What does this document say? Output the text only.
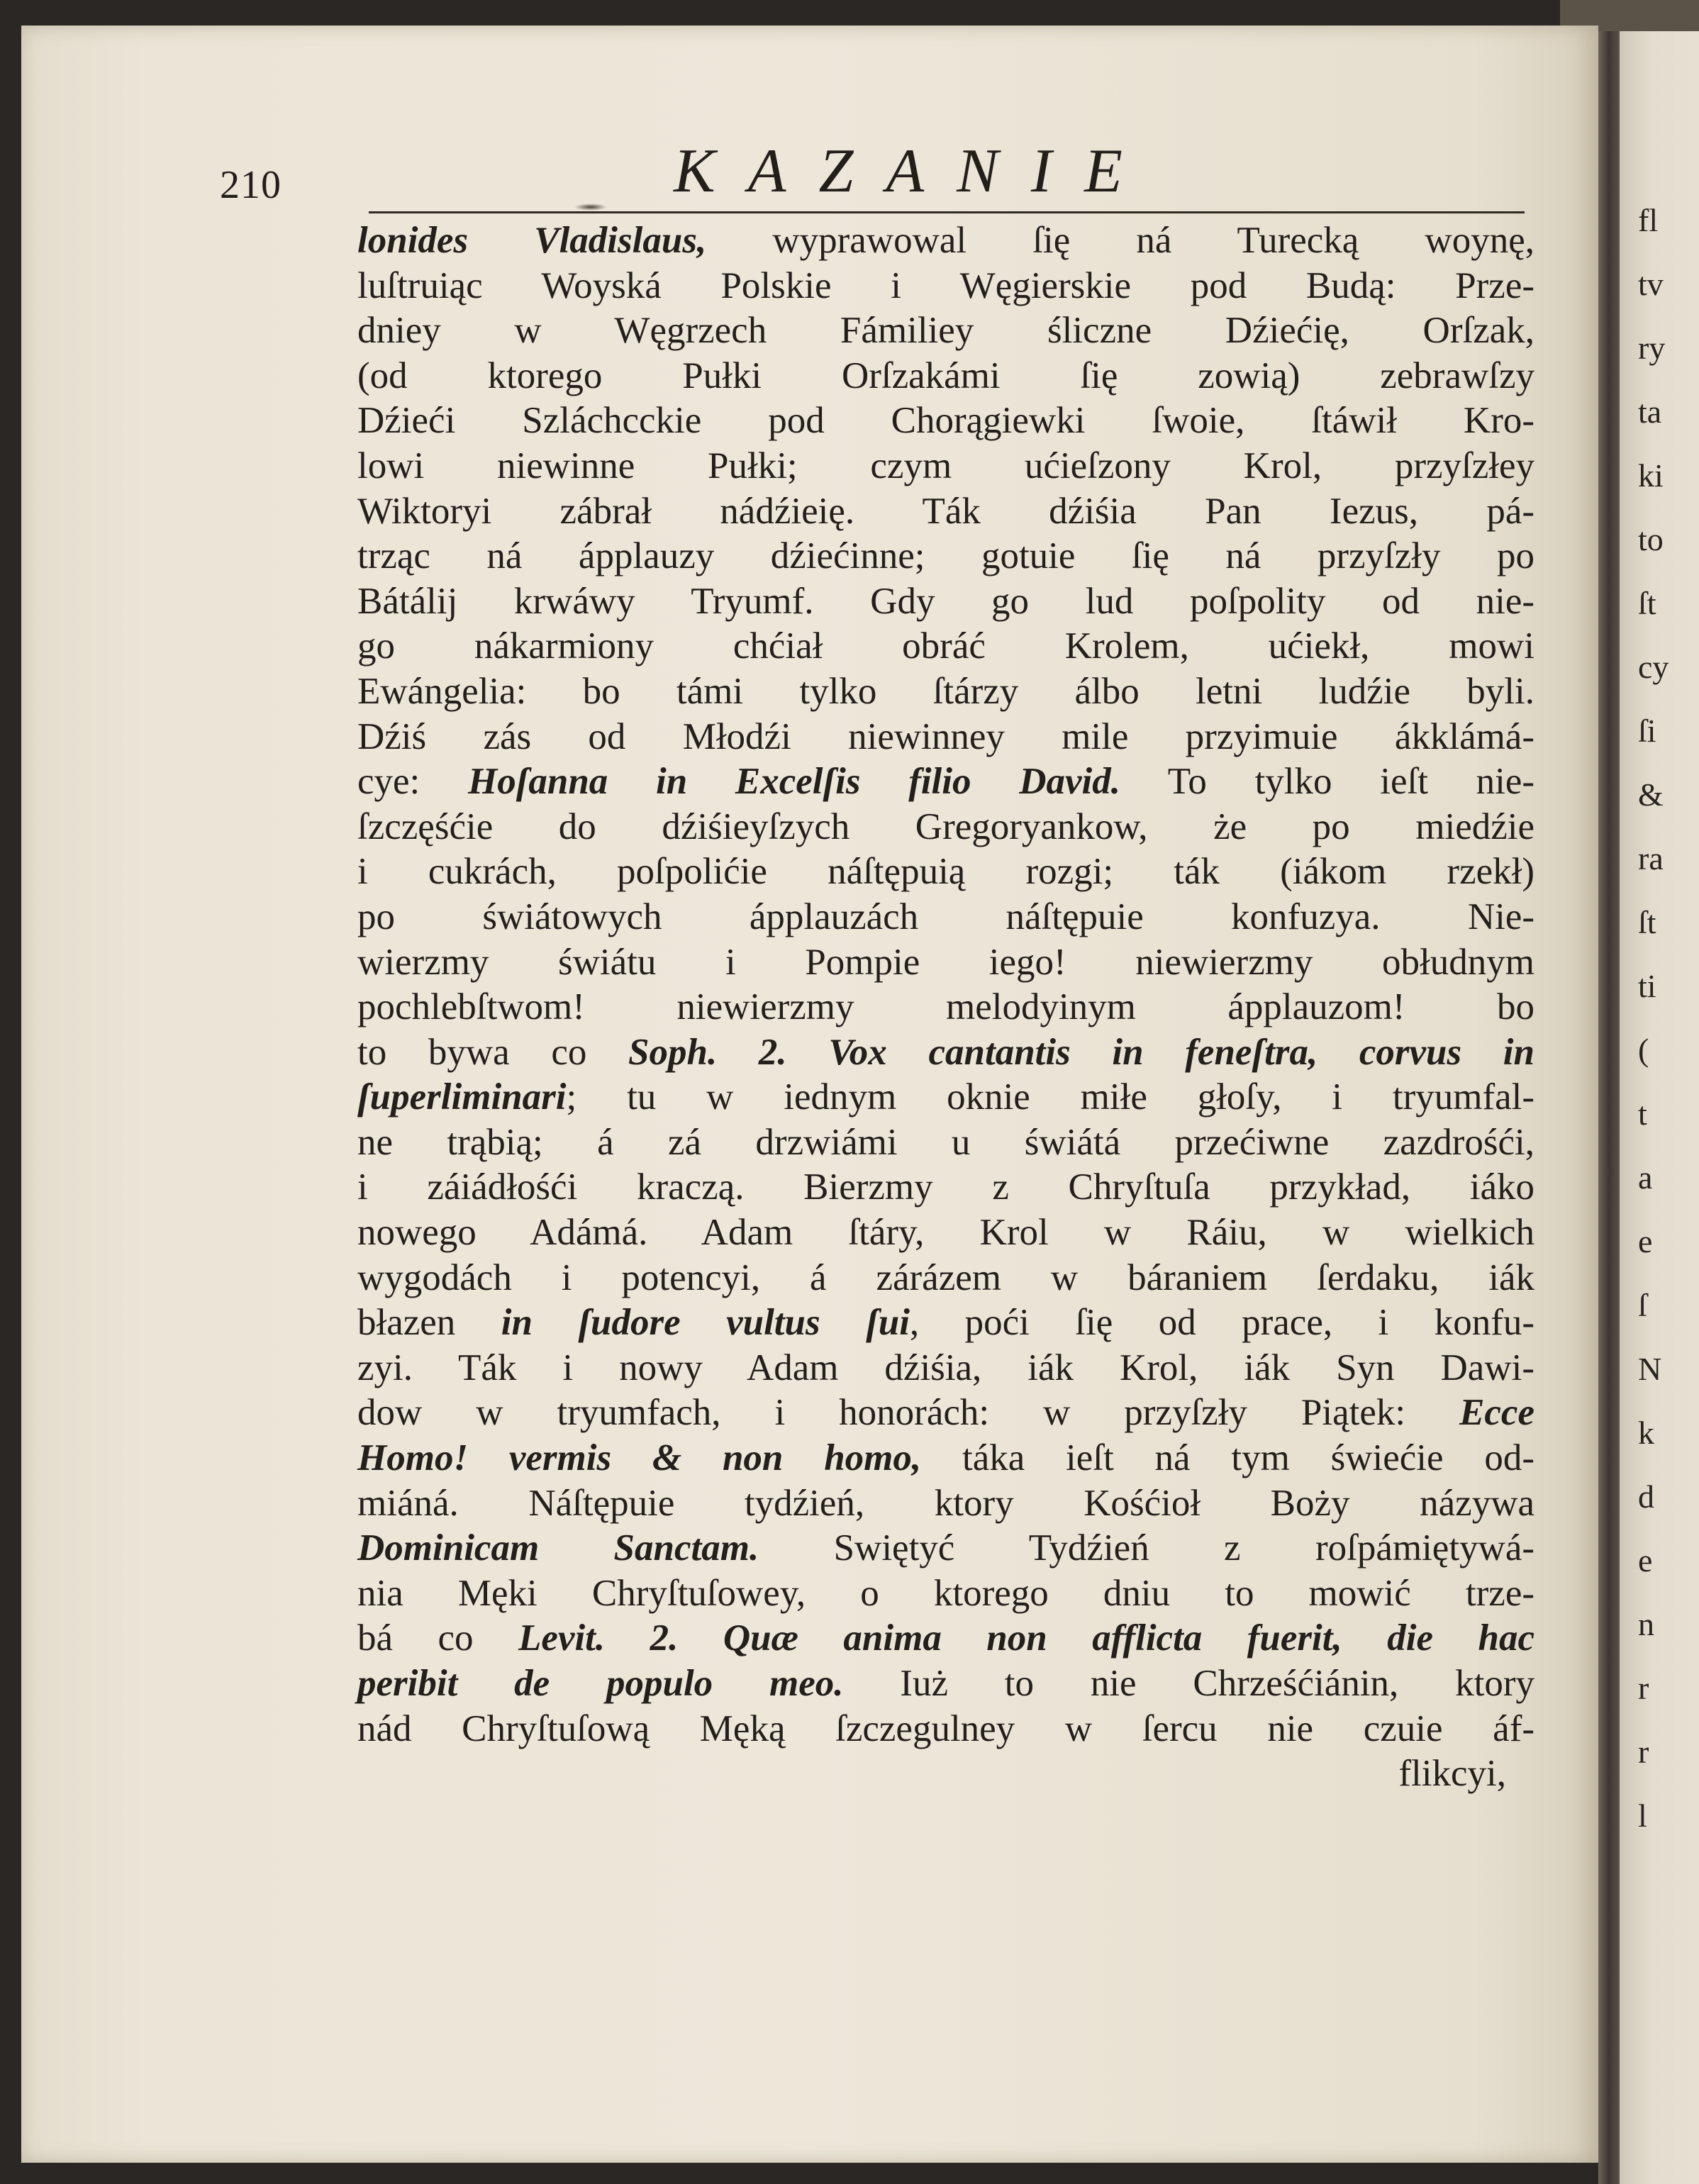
fl
tv
ry
ta
ki
to
ſt
cy
ſi
&
ra
ſt
ti
(
t
a
e
ſ
N
k
d
e
n
r
r
l
210	KAZANIE
lonides Vladislaus, wyprawowal ſię ná Turecką woynę,
luſtruiąc Woyská Polskie i Węgierskie pod Budą: Prze-
dniey w Węgrzech Fámiliey śliczne Dźiećię, Orſzak,
(od ktorego Pułki Orſzakámi ſię zowią) zebrawſzy
Dźieći Szláchcckie pod Chorągiewki ſwoie, ſtáwił Kro-
lowi niewinne Pułki; czym ućieſzony Krol, przyſzłey
Wiktoryi zábrał nádźieię. Ták dźiśia Pan Iezus, pá-
trząc ná ápplauzy dźiećinne; gotuie ſię ná przyſzły po
Bátálij krwáwy Tryumf. Gdy go lud poſpolity od nie-
go nákarmiony chćiał obráć Krolem, ućiekł, mowi
Ewángelia: bo támi tylko ſtárzy álbo letni ludźie byli.
Dźiś zás od Młodźi niewinney mile przyimuie ákklámá-
cye: Hoſanna in Excelſis filio David. To tylko ieſt nie-
ſzczęśćie do dźiśieyſzych Gregoryankow, że po miedźie
i cukrách, poſpolićie náſtępuią rozgi; ták (iákom rzekł)
po świátowych ápplauzách náſtępuie konfuzya. Nie-
wierzmy świátu i Pompie iego! niewierzmy obłudnym
pochlebſtwom! niewierzmy melodyinym ápplauzom! bo
to bywa co Soph. 2. Vox cantantis in feneſtra, corvus in
ſuperliminari; tu w iednym oknie miłe głoſy, i tryumfal-
ne trąbią; á zá drzwiámi u świátá przećiwne zazdrośći,
i záiádłośći kraczą. Bierzmy z Chryſtuſa przykład, iáko
nowego Adámá. Adam ſtáry, Krol w Ráiu, w wielkich
wygodách i potencyi, á zárázem w báraniem ſerdaku, iák
błazen in ſudore vultus ſui, poći ſię od prace, i konfu-
zyi. Ták i nowy Adam dźiśia, iák Krol, iák Syn Dawi-
dow w tryumfach, i honorách: w przyſzły Piątek: Ecce
Homo! vermis & non homo, táka ieſt ná tym świećie od-
miáná. Náſtępuie tydźień, ktory Kośćioł Boży názywa
Dominicam Sanctam. Swiętyć Tydźień z roſpámiętywá-
nia Męki Chryſtuſowey, o ktorego dniu to mowić trze-
bá co Levit. 2. Quæ anima non afflicta fuerit, die hac
peribit de populo meo. Iuż to nie Chrześćiánin, ktory
nád Chryſtuſową Męką ſzczegulney w ſercu nie czuie áf-
flikcyi,
